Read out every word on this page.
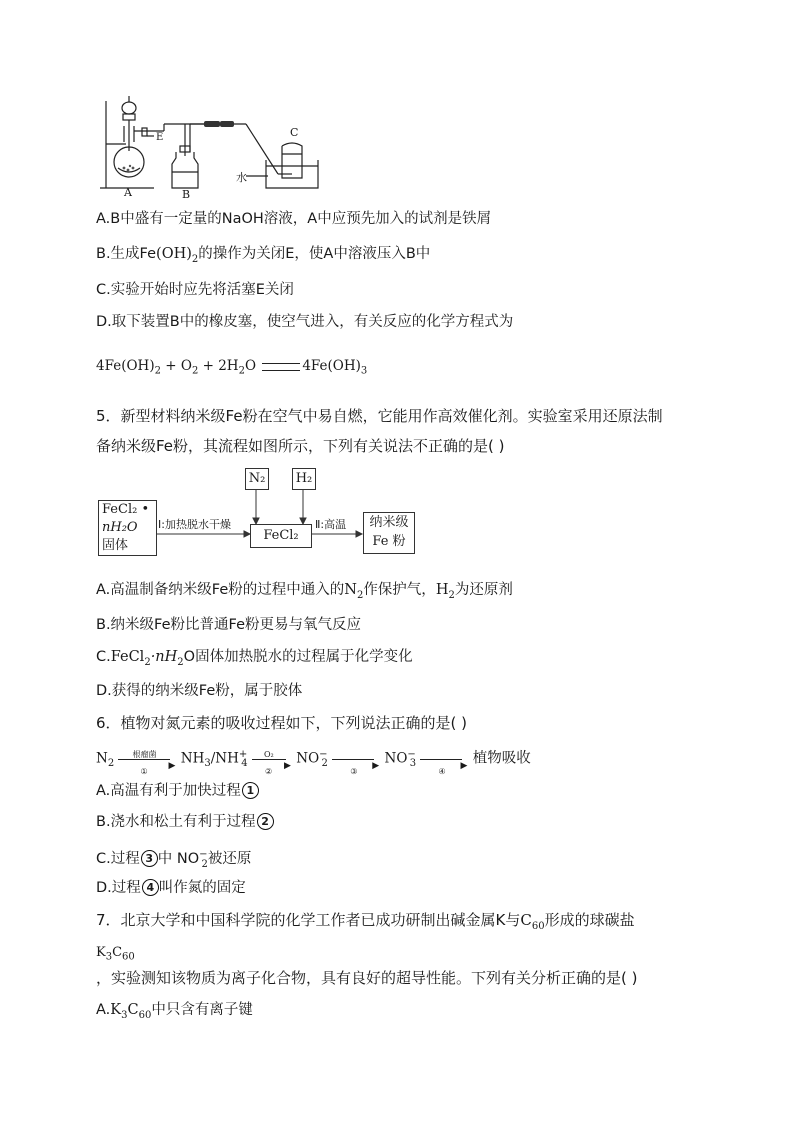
A	B
C
E
水
A.B中盛有一定量的NaOH溶液，A中应预先加入的试剂是铁屑
B.生成$Fe(OH)_2$的操作为关闭E，使A中溶液压入B中
C.实验开始时应先将活塞E关闭
D.取下装置B中的橡皮塞，使空气进入，有关反应的化学方程式为
$4Fe(OH)_2 + O_2 + 2H_2O$	$4Fe(OH)_3$
5．新型材料纳米级Fe粉在空气中易自燃，它能用作高效催化剂。实验室采用还原法制
备纳米级Fe粉，其流程如图所示，下列有关说法不正确的是( )
N₂ H₂
FeCl₂ •
nH₂O
固体
Ⅰ:加热脱水干燥
FeCl₂
Ⅱ:高温	纳米级
Fe 粉
A.高温制备纳米级Fe粉的过程中通入的$N_2$作保护气，$H_2$为还原剂
B.纳米级Fe粉比普通Fe粉更易与氧气反应
$C.FeCl_2\cdot nH_2O$固体加热脱水的过程属于化学变化
D.获得的纳米级Fe粉，属于胶体
6．植物对氮元素的吸收过程如下，下列说法正确的是( )
$N_2$
根瘤菌
▶
①
$NH_3/NH^+_4$
O₂
▶
②
$NO^-_2$	▶
③
$NO^-_3$	▶
④
植物吸收
A.高温有利于加快过程 1
B.浇水和松土有利于过程 2
C.过程 3 中 $NO^-_2$被还原
D.过程 4 叫作氮的固定
7．北京大学和中国科学院的化学工作者已成功研制出碱金属K与$C_{60}$形成的球碳盐
$K_3C_{60}$
，实验测知该物质为离子化合物，具有良好的超导性能。下列有关分析正确的是( )
$A.K_3C_{60}$中只含有离子键
